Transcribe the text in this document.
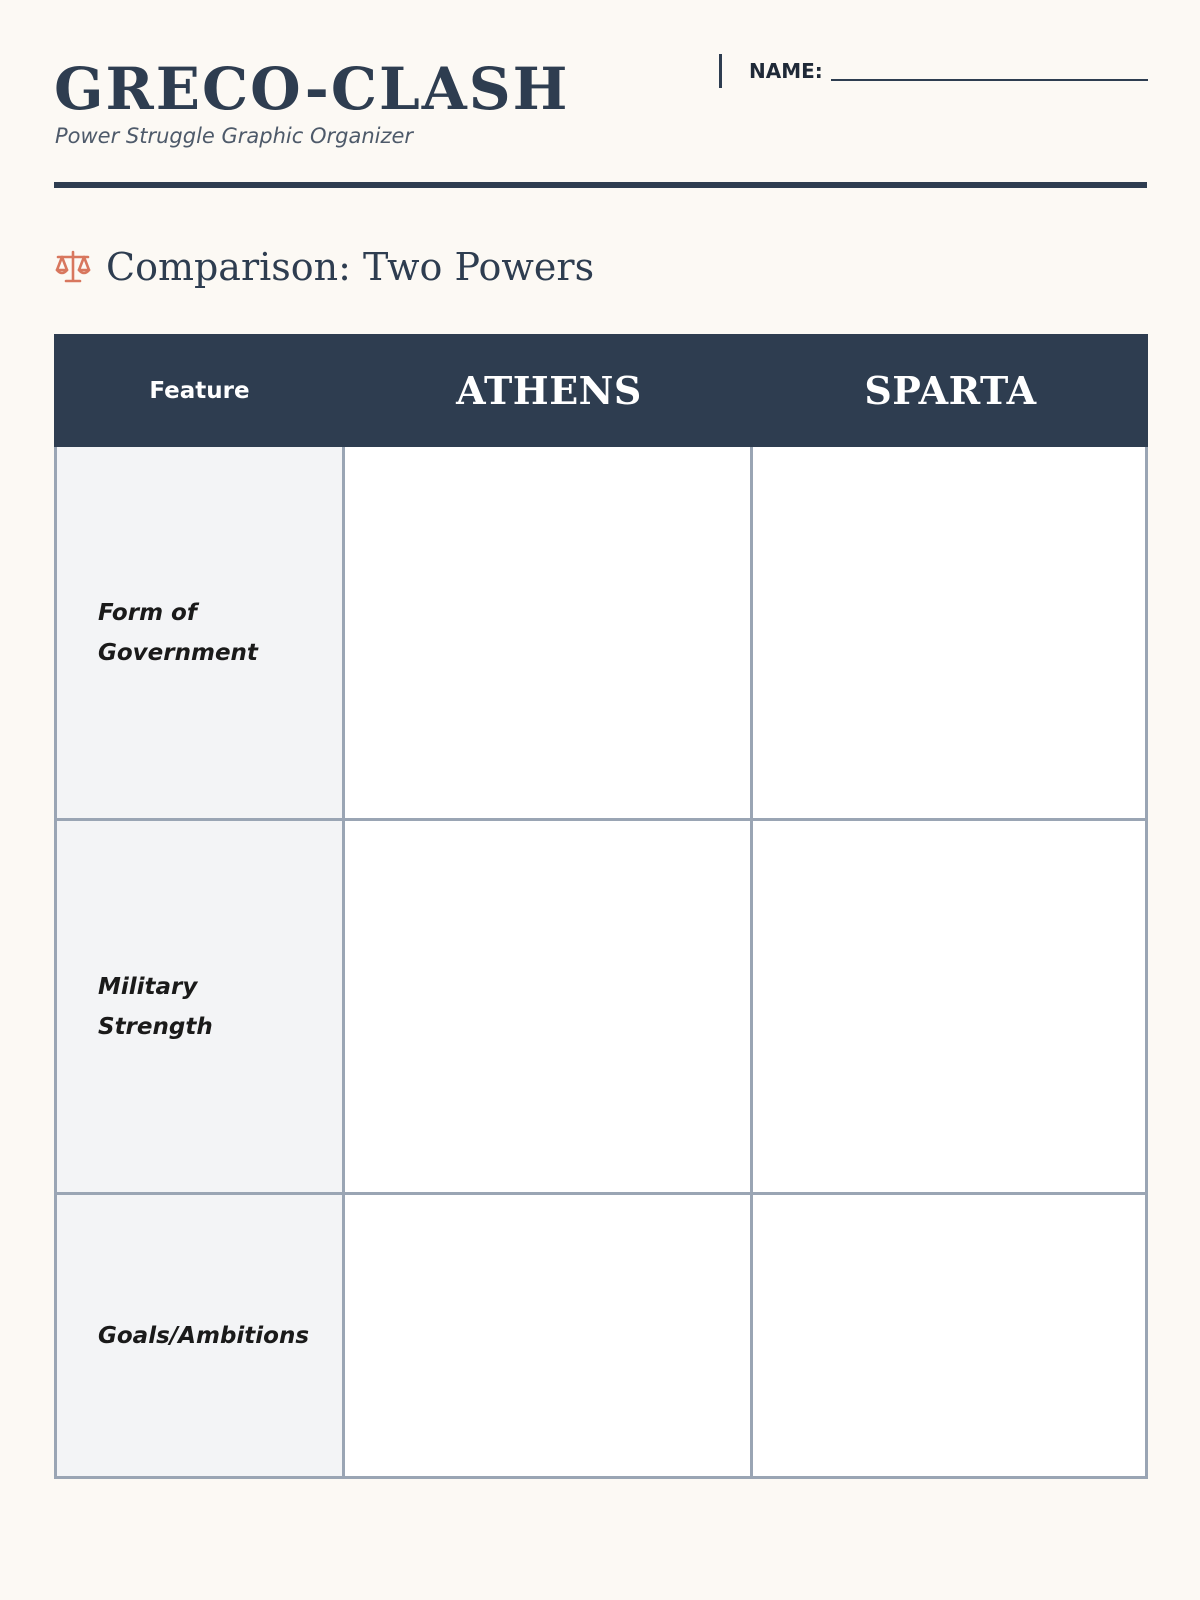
GRECO-CLASH
Power Struggle Graphic Organizer
NAME:
Comparison: Two Powers
Feature	ATHENS	SPARTA
Form of Government
Military Strength
Goals/Ambitions
